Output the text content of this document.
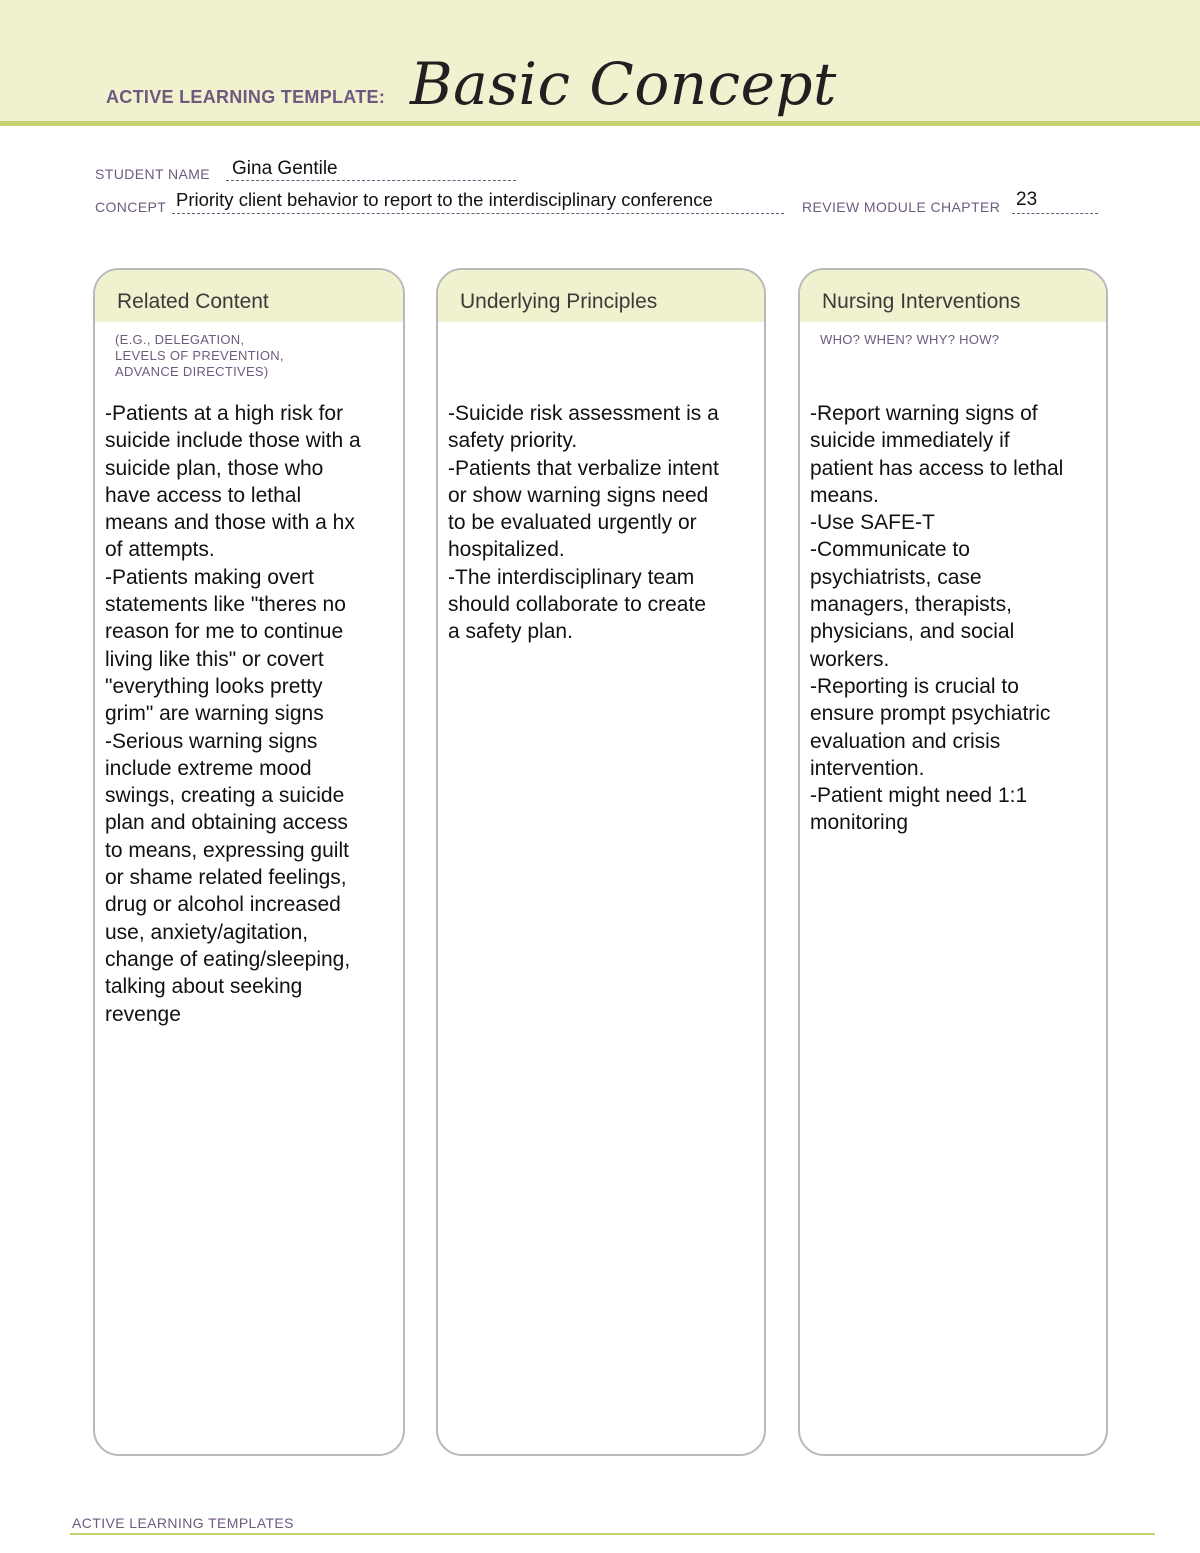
ACTIVE LEARNING TEMPLATE: Basic Concept
STUDENT NAME Gina Gentile
CONCEPT Priority client behavior to report to the interdisciplinary conference	REVIEW MODULE CHAPTER 23
Related Content
(E.G., DELEGATION,
LEVELS OF PREVENTION,
ADVANCE DIRECTIVES)
-Patients at a high risk for
suicide include those with a
suicide plan, those who
have access to lethal
means and those with a hx
of attempts.
-Patients making overt
statements like "theres no
reason for me to continue
living like this" or covert
"everything looks pretty
grim" are warning signs
-Serious warning signs
include extreme mood
swings, creating a suicide
plan and obtaining access
to means, expressing guilt
or shame related feelings,
drug or alcohol increased
use, anxiety/agitation,
change of eating/sleeping,
talking about seeking
revenge
Underlying Principles
-Suicide risk assessment is a
safety priority.
-Patients that verbalize intent
or show warning signs need
to be evaluated urgently or
hospitalized.
-The interdisciplinary team
should collaborate to create
a safety plan.
Nursing Interventions
WHO? WHEN? WHY? HOW?
-Report warning signs of
suicide immediately if
patient has access to lethal
means.
-Use SAFE-T
-Communicate to
psychiatrists, case
managers, therapists,
physicians, and social
workers.
-Reporting is crucial to
ensure prompt psychiatric
evaluation and crisis
intervention.
-Patient might need 1:1
monitoring
ACTIVE LEARNING TEMPLATES
